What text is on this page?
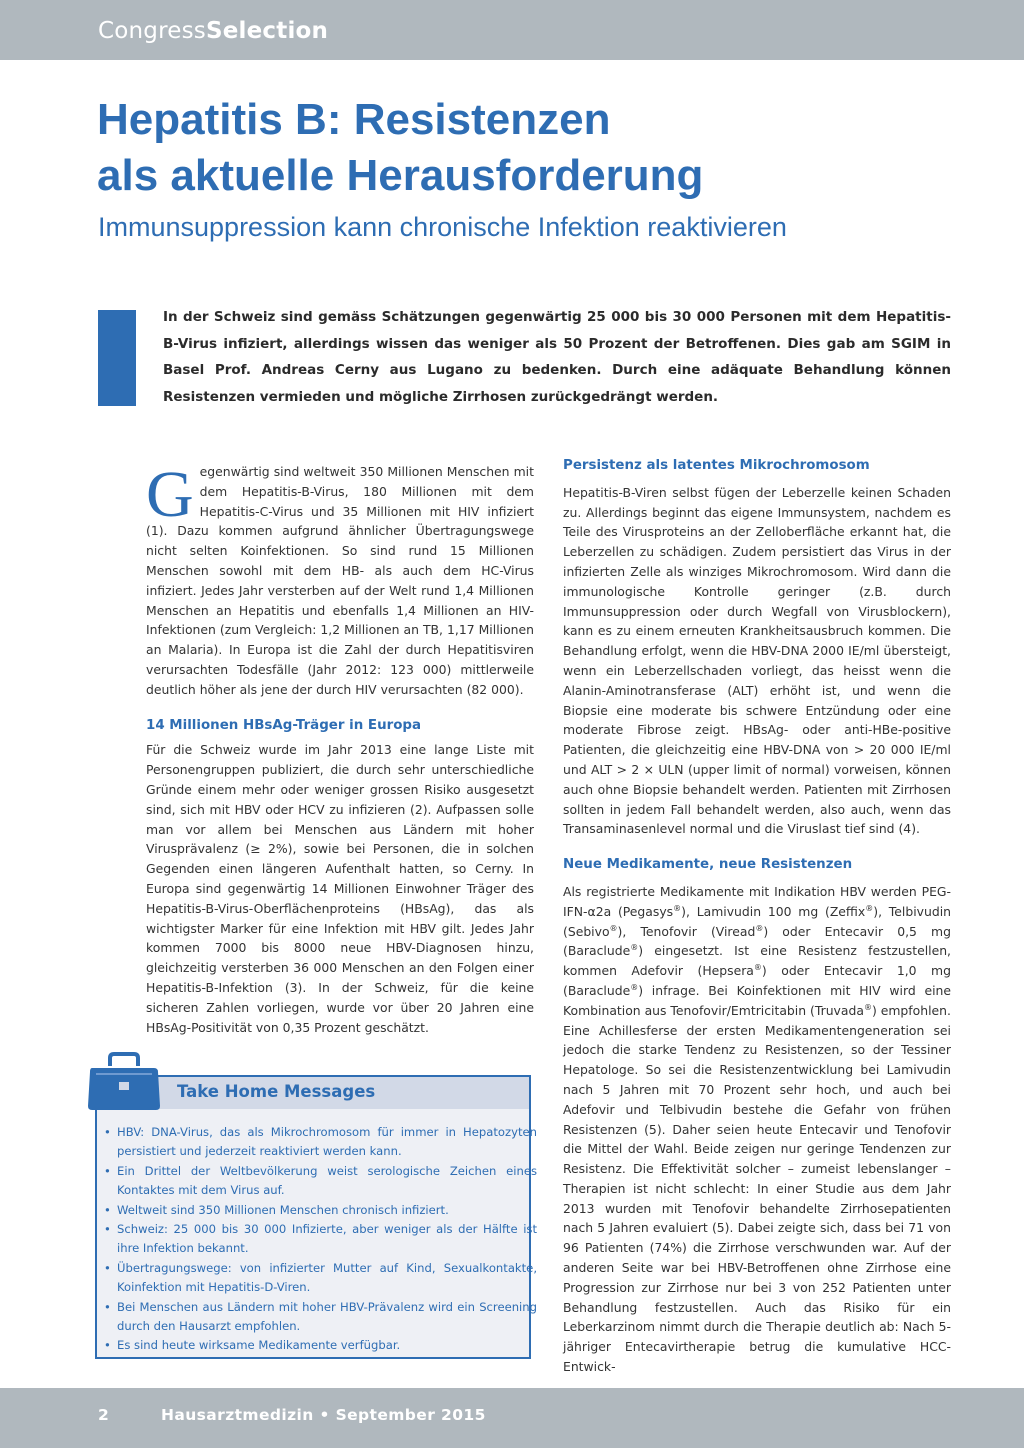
CongressSelection
Hepatitis B: Resistenzen
als aktuelle Herausforderung
Immunsuppression kann chronische Infektion reaktivieren

In der Schweiz sind gemäss Schätzungen gegenwärtig 25 000 bis 30 000 Personen mit dem Hepatitis-B-Virus infiziert, allerdings wissen das weniger als 50 Prozent der Betroffenen. Dies gab am SGIM in Basel Prof. Andreas Cerny aus Lugano zu bedenken. Durch eine adäquate Behandlung können Resistenzen vermieden und mögliche Zirrhosen zurückgedrängt werden.

G egenwärtig sind weltweit 350 Millionen Menschen mit dem Hepatitis-B-Virus, 180 Millionen mit dem Hepatitis-C-Virus und 35 Millionen mit HIV infiziert (1). Dazu kommen aufgrund ähnlicher Übertragungswege nicht selten Koinfektionen. So sind rund 15 Millionen Menschen sowohl mit dem HB- als auch dem HC-Virus infiziert. Jedes Jahr versterben auf der Welt rund 1,4 Millionen Menschen an Hepatitis und ebenfalls 1,4 Millionen an HIV-Infektionen (zum Vergleich: 1,2 Millionen an TB, 1,17 Millionen an Malaria). In Europa ist die Zahl der durch Hepatitisviren verursachten Todesfälle (Jahr 2012: 123 000) mittlerweile deutlich höher als jene der durch HIV verursachten (82 000).

14 Millionen HBsAg-Träger in Europa

Für die Schweiz wurde im Jahr 2013 eine lange Liste mit Personengruppen publiziert, die durch sehr unterschiedliche Gründe einem mehr oder weniger grossen Risiko ausgesetzt sind, sich mit HBV oder HCV zu infizieren (2). Aufpassen solle man vor allem bei Menschen aus Ländern mit hoher Virusprävalenz (≥ 2%), sowie bei Personen, die in solchen Gegenden einen längeren Aufenthalt hatten, so Cerny. In Europa sind gegenwärtig 14 Millionen Einwohner Träger des Hepatitis-B-Virus-Oberflächenproteins (HBsAg), das als wichtigster Marker für eine Infektion mit HBV gilt. Jedes Jahr kommen 7000 bis 8000 neue HBV-Diagnosen hinzu, gleichzeitig versterben 36 000 Menschen an den Folgen einer Hepatitis-B-Infektion (3). In der Schweiz, für die keine sicheren Zahlen vorliegen, wurde vor über 20 Jahren eine HBsAg-Positivität von 0,35 Prozent geschätzt.

Persistenz als latentes Mikrochromosom

Hepatitis-B-Viren selbst fügen der Leberzelle keinen Schaden zu. Allerdings beginnt das eigene Immunsystem, nachdem es Teile des Virusproteins an der Zelloberfläche erkannt hat, die Leberzellen zu schädigen. Zudem persistiert das Virus in der infizierten Zelle als winziges Mikrochromosom. Wird dann die immunologische Kontrolle geringer (z.B. durch Immunsuppression oder durch Wegfall von Virusblockern), kann es zu einem erneuten Krankheitsausbruch kommen. Die Behandlung erfolgt, wenn die HBV-DNA 2000 IE/ml übersteigt, wenn ein Leberzellschaden vorliegt, das heisst wenn die Alanin-Aminotransferase (ALT) erhöht ist, und wenn die Biopsie eine moderate bis schwere Entzündung oder eine moderate Fibrose zeigt. HBsAg- oder anti-HBe-positive Patienten, die gleichzeitig eine HBV-DNA von > 20 000 IE/ml und ALT > 2 × ULN (upper limit of normal) vorweisen, können auch ohne Biopsie behandelt werden. Patienten mit Zirrhosen sollten in jedem Fall behandelt werden, also auch, wenn das Transaminasenlevel normal und die Viruslast tief sind (4).

Neue Medikamente, neue Resistenzen

Als registrierte Medikamente mit Indikation HBV werden PEG-IFN-α2a (Pegasys®), Lamivudin 100 mg (Zeffix®), Telbivudin (Sebivo®), Tenofovir (Viread®) oder Entecavir 0,5 mg (Baraclude®) eingesetzt. Ist eine Resistenz festzustellen, kommen Adefovir (Hepsera®) oder Entecavir 1,0 mg (Baraclude®) infrage. Bei Koinfektionen mit HIV wird eine Kombination aus Tenofovir/Emtricitabin (Truvada®) empfohlen.

Eine Achillesferse der ersten Medikamentengeneration sei jedoch die starke Tendenz zu Resistenzen, so der Tessiner Hepatologe. So sei die Resistenzentwicklung bei Lamivudin nach 5 Jahren mit 70 Prozent sehr hoch, und auch bei Adefovir und Telbivudin bestehe die Gefahr von frühen Resistenzen (5). Daher seien heute Entecavir und Tenofovir die Mittel der Wahl. Beide zeigen nur geringe Tendenzen zur Resistenz. Die Effektivität solcher – zumeist lebenslanger – Therapien ist nicht schlecht: In einer Studie aus dem Jahr 2013 wurden mit Tenofovir behandelte Zirrhosepatienten nach 5 Jahren evaluiert (5). Dabei zeigte sich, dass bei 71 von 96 Patienten (74%) die Zirrhose verschwunden war. Auf der anderen Seite war bei HBV-Betroffenen ohne Zirrhose eine Progression zur Zirrhose nur bei 3 von 252 Patienten unter Behandlung festzustellen. Auch das Risiko für ein Leberkarzinom nimmt durch die Therapie deutlich ab: Nach 5-jähriger Entecavirtherapie betrug die kumulative HCC-Entwick-

Take Home Messages
• HBV: DNA-Virus, das als Mikrochromosom für immer in Hepatozyten persistiert und jederzeit reaktiviert werden kann.
• Ein Drittel der Weltbevölkerung weist serologische Zeichen eines Kontaktes mit dem Virus auf.
• Weltweit sind 350 Millionen Menschen chronisch infiziert.
• Schweiz: 25 000 bis 30 000 Infizierte, aber weniger als der Hälfte ist ihre Infektion bekannt.
• Übertragungswege: von infizierter Mutter auf Kind, Sexualkontakte, Koinfektion mit Hepatitis-D-Viren.
• Bei Menschen aus Ländern mit hoher HBV-Prävalenz wird ein Screening durch den Hausarzt empfohlen.
• Es sind heute wirksame Medikamente verfügbar.
2	Hausarztmedizin • September 2015
